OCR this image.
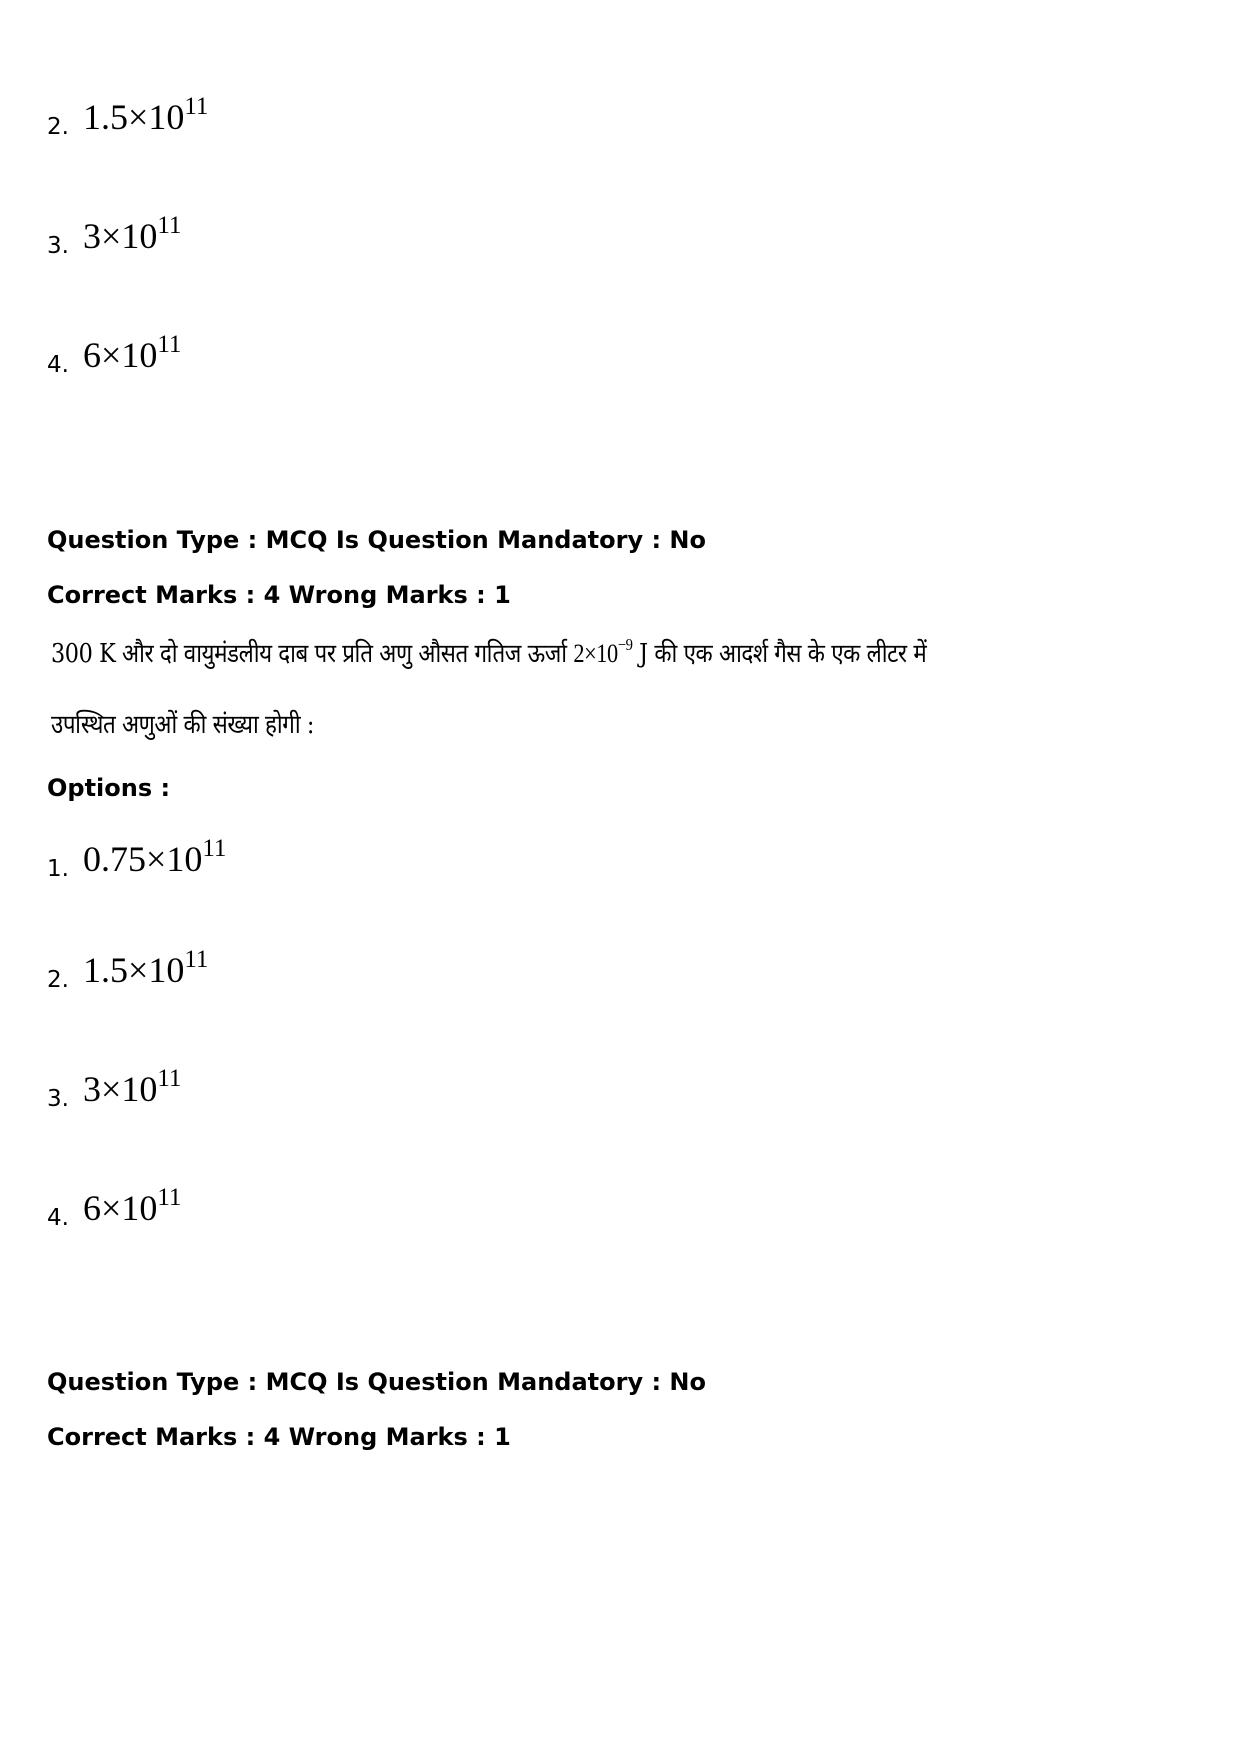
2. $1.5\times 10^{11}$
3. $3\times 10^{11}$
4. $6\times 10^{11}$
Question Type : MCQ Is Question Mandatory : No
Correct Marks : 4 Wrong Marks : 1
300 K और दो वायुमंडलीय दाब पर प्रति अणु औसत गतिज ऊर्जा $2\times 10^{-9}$ J की एक आदर्श गैस के एक लीटर में
उपस्थित अणुओं की संख्या होगी :
Options :
1. $0.75\times 10^{11}$
2. $1.5\times 10^{11}$
3. $3\times 10^{11}$
4. $6\times 10^{11}$
Question Type : MCQ Is Question Mandatory : No
Correct Marks : 4 Wrong Marks : 1
